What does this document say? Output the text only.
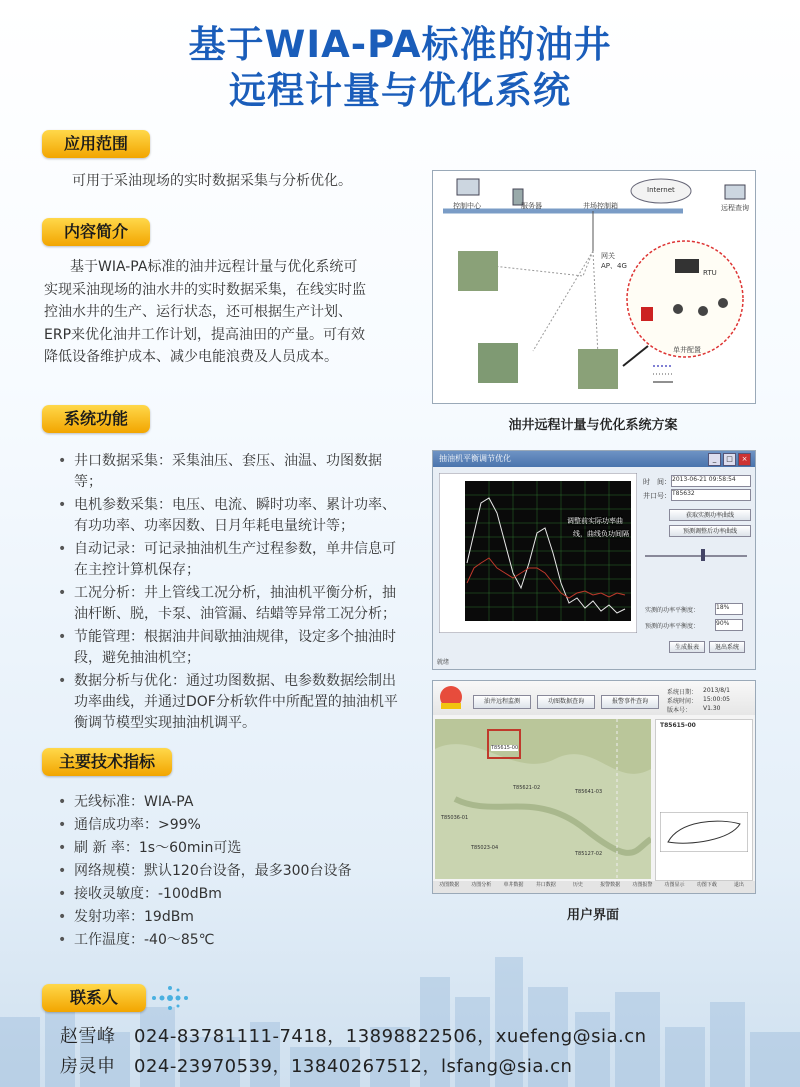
基于WIA-PA标准的油井
远程计量与优化系统
应用范围
可用于采油现场的实时数据采集与分析优化。
内容简介
基于WIA-PA标准的油井远程计量与优化系统可
实现采油现场的油水井的实时数据采集，在线实时监
控油水井的生产、运行状态，还可根据生产计划、
ERP来优化油井工作计划，提高油田的产量。可有效
降低设备维护成本、减少电能浪费及人员成本。
系统功能
• 井口数据采集：采集油压、套压、油温、功图数据等；
• 电机参数采集：电压、电流、瞬时功率、累计功率、有功功率、功率因数、日月年耗电量统计等；
• 自动记录：可记录抽油机生产过程参数，单井信息可在主控计算机保存；
• 工况分析：井上管线工况分析，抽油机平衡分析，抽油杆断、脱，卡泵、油管漏、结蜡等异常工况分析；
• 节能管理：根据油井间歇抽油规律，设定多个抽油时段，避免抽油机空；
• 数据分析与优化：通过功图数据、电参数数据绘制出功率曲线，并通过DOF分析软件中所配置的抽油机平衡调节模型实现抽油机调平。
主要技术指标
• 无线标准：WIA-PA
• 通信成功率：>99%
• 刷 新 率：1s～60min可选
• 网络规模：默认120台设备，最多300台设备
• 接收灵敏度：-100dBm
• 发射功率：19dBm
• 工作温度：-40～85℃
联系人
赵雪峰　024-83781111-7418，13898822506，xuefeng@sia.cn
房灵申　024-23970539，13840267512，lsfang@sia.cn
控制中心	服务器	井场控制箱
Internet
远程查询
网关 AP、4G
RTU
单井配置
油井远程计量与优化系统方案
抽油机平衡调节优化	_	□	×
调整前实际功率曲
线，曲线负功间隔
时　间： 2013-06-21 09:58:54
井口号： T85632
获取实测功率曲线
预测调整后功率曲线
实测的功率平衡度：	18%
预测的功率平衡度：	90%
生成报表	退出系统
就绪
油井远程监测	功图数据查询	报警事件查询
系统日期： 2013/8/1
系统时间： 15:00:05
版本号： V1.30
T85615-00
T85621-02
T85641-03
T85036-01
T85023-04
T85127-02
T85615-00
功图数据	功图分析	单井数据	井口数据	历史	报警数据	功图报警	功图显示	功图下载	退出
用户界面
